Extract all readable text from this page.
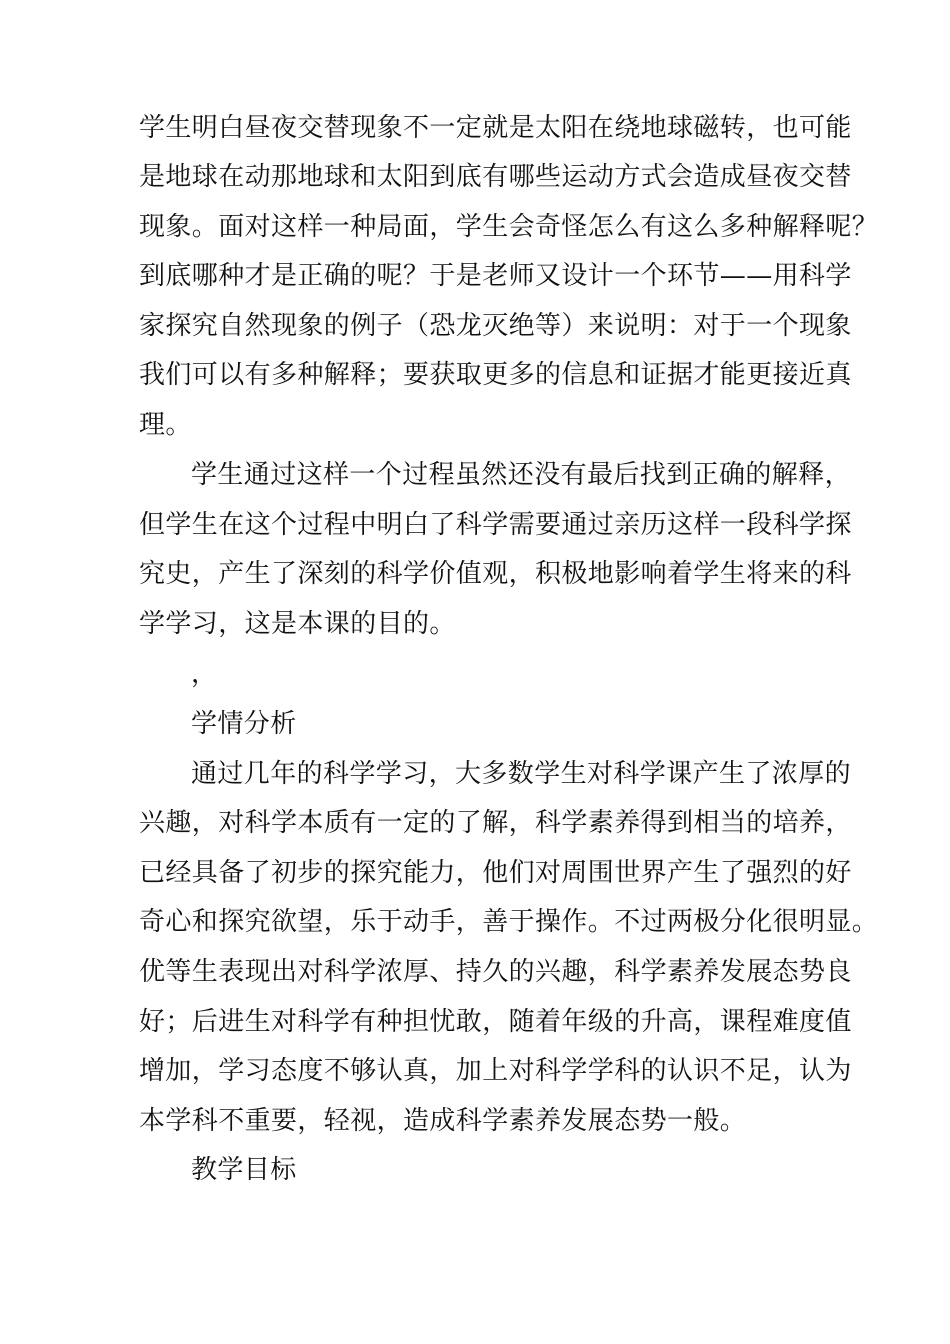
学生明白昼夜交替现象不一定就是太阳在绕地球磁转，也可能
是地球在动那地球和太阳到底有哪些运动方式会造成昼夜交替
现象。面对这样一种局面，学生会奇怪怎么有这么多种解释呢？
到底哪种才是正确的呢？于是老师又设计一个环节——用科学
家探究自然现象的例子（恐龙灭绝等）来说明：对于一个现象
我们可以有多种解释；要获取更多的信息和证据才能更接近真
理。
学生通过这样一个过程虽然还没有最后找到正确的解释，
但学生在这个过程中明白了科学需要通过亲历这样一段科学探
究史，产生了深刻的科学价值观，积极地影响着学生将来的科
学学习，这是本课的目的。
，
学情分析
通过几年的科学学习，大多数学生对科学课产生了浓厚的
兴趣，对科学本质有一定的了解，科学素养得到相当的培养，
已经具备了初步的探究能力，他们对周围世界产生了强烈的好
奇心和探究欲望，乐于动手，善于操作。不过两极分化很明显。
优等生表现出对科学浓厚、持久的兴趣，科学素养发展态势良
好；后进生对科学有种担忧敢，随着年级的升高，课程难度值
增加，学习态度不够认真，加上对科学学科的认识不足，认为
本学科不重要，轻视，造成科学素养发展态势一般。
教学目标
